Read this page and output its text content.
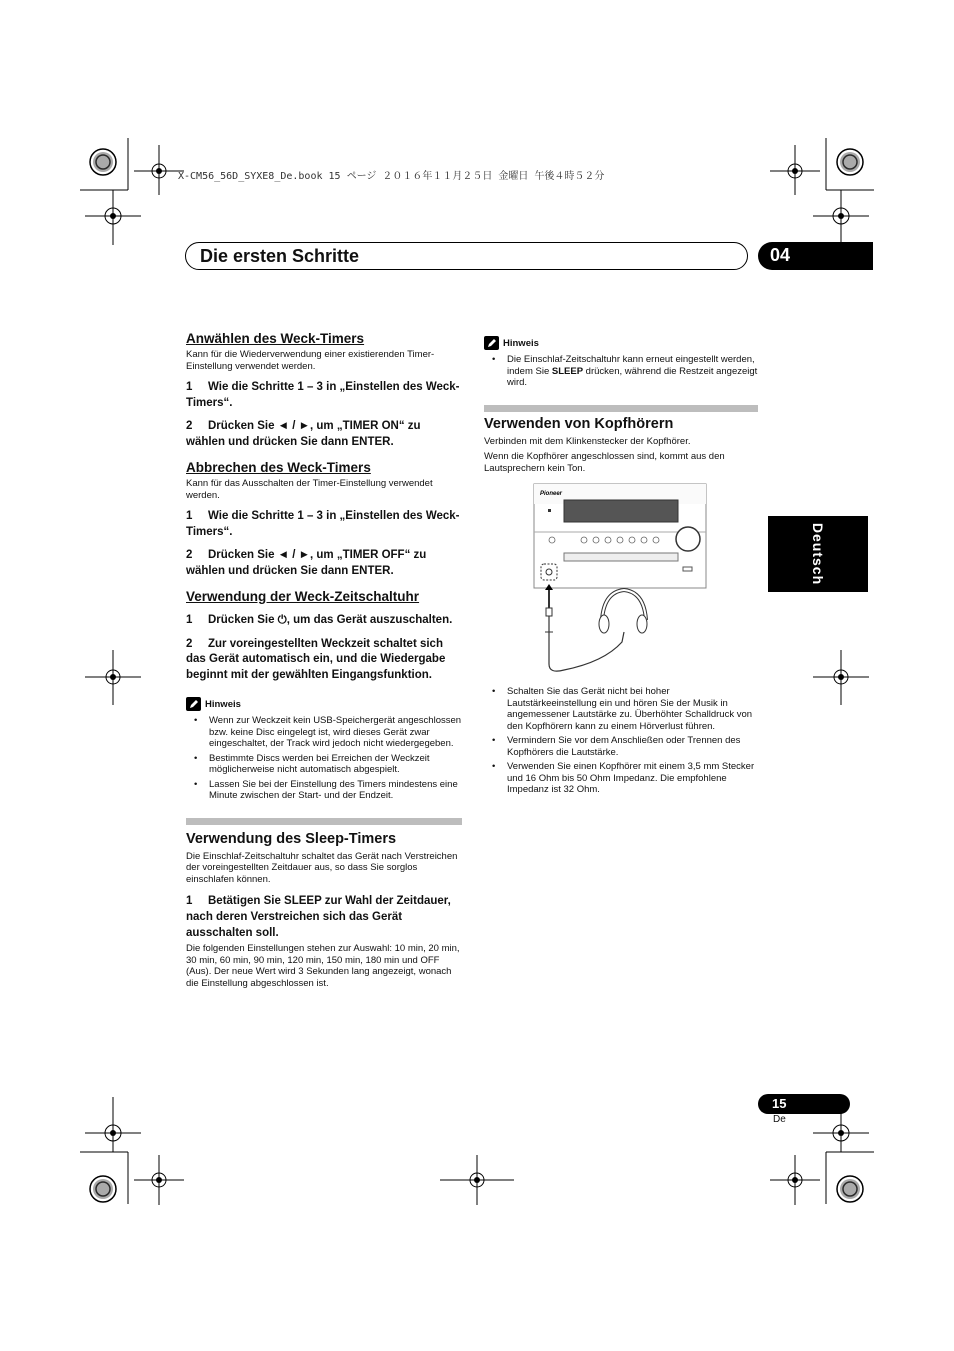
X-CM56_56D_SYXE8_De.book 15 ページ ２０１６年１１月２５日 金曜日 午後４時５２分
Die ersten Schritte	04
Deutsch

Anwählen des Weck-Timers

Kann für die Wiederverwendung einer existierenden Timer-Einstellung verwendet werden.

1 Wie die Schritte 1 – 3 in „Einstellen des Weck-Timers“.

2 Drücken Sie ◄ / ►, um „TIMER ON“ zu wählen und drücken Sie dann ENTER.

Abbrechen des Weck-Timers

Kann für das Ausschalten der Timer-Einstellung verwendet werden.

1 Wie die Schritte 1 – 3 in „Einstellen des Weck-Timers“.

2 Drücken Sie ◄ / ►, um „TIMER OFF“ zu wählen und drücken Sie dann ENTER.

Verwendung der Weck-Zeitschaltuhr

1 Drücken Sie ⏻, um das Gerät auszuschalten.

2 Zur voreingestellten Weckzeit schaltet sich das Gerät automatisch ein, und die Wiedergabe beginnt mit der gewählten Eingangsfunktion.

Hinweis
• Wenn zur Weckzeit kein USB-Speichergerät angeschlossen bzw. keine Disc eingelegt ist, wird dieses Gerät zwar eingeschaltet, der Track wird jedoch nicht wiedergegeben.
• Bestimmte Discs werden bei Erreichen der Weckzeit möglicherweise nicht automatisch abgespielt.
• Lassen Sie bei der Einstellung des Timers mindestens eine Minute zwischen der Start- und der Endzeit.

Verwendung des Sleep-Timers

Die Einschlaf-Zeitschaltuhr schaltet das Gerät nach Verstreichen der voreingestellten Zeitdauer aus, so dass Sie sorglos einschlafen können.

1 Betätigen Sie SLEEP zur Wahl der Zeitdauer, nach deren Verstreichen sich das Gerät ausschalten soll.

Die folgenden Einstellungen stehen zur Auswahl: 10 min, 20 min, 30 min, 60 min, 90 min, 120 min, 150 min, 180 min und OFF (Aus). Der neue Wert wird 3 Sekunden lang angezeigt, wonach die Einstellung abgeschlossen ist.

Hinweis
• Die Einschlaf-Zeitschaltuhr kann erneut eingestellt werden, indem Sie SLEEP drücken, während die Restzeit angezeigt wird.

Verwenden von Kopfhörern

Verbinden mit dem Klinkenstecker der Kopfhörer.

Wenn die Kopfhörer angeschlossen sind, kommt aus den Lautsprechern kein Ton.

Pioneer
• Schalten Sie das Gerät nicht bei hoher Lautstärkeeinstellung ein und hören Sie der Musik in angemessener Lautstärke zu. Überhöhter Schalldruck von den Kopfhörern kann zu einem Hörverlust führen.
• Vermindern Sie vor dem Anschließen oder Trennen des Kopfhörers die Lautstärke.
• Verwenden Sie einen Kopfhörer mit einem 3,5 mm Stecker und 16 Ohm bis 50 Ohm Impedanz. Die empfohlene Impedanz ist 32 Ohm.
15
De
